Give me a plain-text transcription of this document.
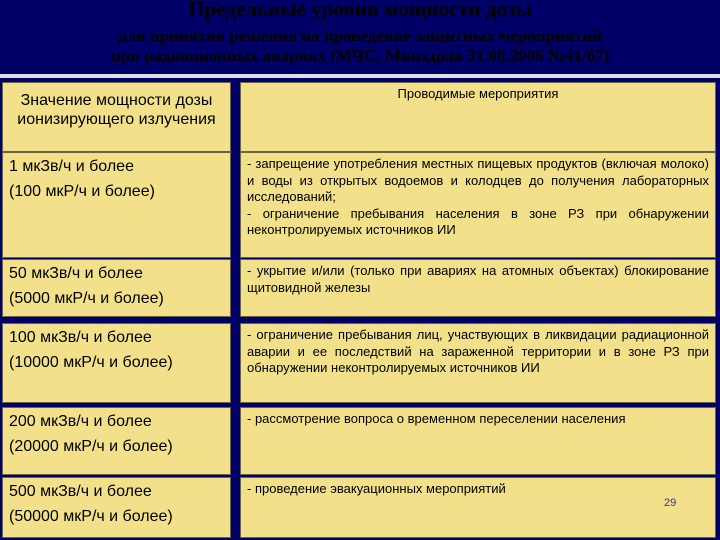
Предельные уровни мощности дозы
для принятия решения на проведение защитных мероприятий
при радиационных авариях (МЧС, Минздрав 31.08.2006 №41/67)
Значение мощности дозы ионизирующего излучения
Проводимые мероприятия
1 мкЗв/ч и более
(100 мкР/ч и более)

- запрещение употребления местных пищевых продуктов (включая молоко) и воды из открытых водоемов и колодцев до получения лабораторных исследований;

- ограничение пребывания населения в зоне РЗ при обнаружении неконтролируемых источников ИИ

50 мкЗв/ч и более
(5000 мкР/ч и более)

- укрытие и/или (только при авариях на атомных объектах) блокирование щитовидной железы

100 мкЗв/ч и более
(10000 мкР/ч и более)

- ограничение пребывания лиц, участвующих в ликвидации радиационной аварии и ее последствий на зараженной территории и в зоне РЗ при обнаружении неконтролируемых источников ИИ

200 мкЗв/ч и более
(20000 мкР/ч и более)

- рассмотрение вопроса о временном переселении населения

500 мкЗв/ч и более
(50000 мкР/ч и более)

- проведение эвакуационных мероприятий

29
